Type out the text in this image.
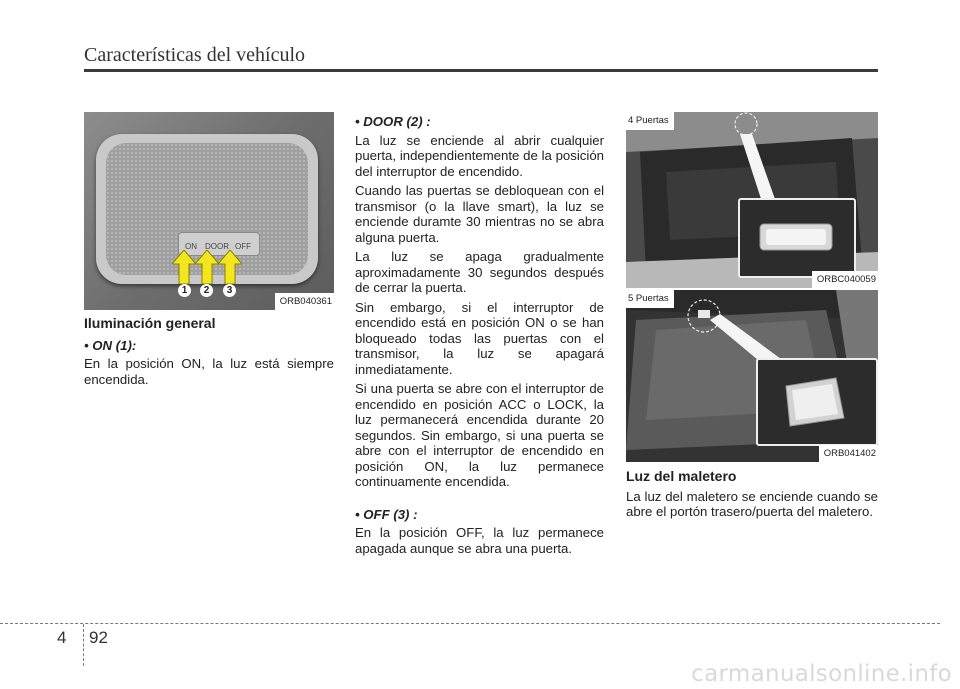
Características del vehículo
ON DOOR OFF
1	2	3
ORB040361
Iluminación general
• ON (1):

En la posición ON, la luz está siempre encendida.

• DOOR (2) :

La luz se enciende al abrir cualquier puerta, independientemente de la posición del interruptor de encendido.

Cuando las puertas se debloquean con el transmisor (o la llave smart), la luz se enciende duramte 30 mientras no se abra alguna puerta.

La luz se apaga gradualmente aproximadamente 30 segundos después de cerrar la puerta.

Sin embargo, si el interruptor de encendido está en posición ON o se han bloqueado todas las puertas con el transmisor, la luz se apagará inmediatamente.

Si una puerta se abre con el interruptor de encendido en posición ACC o LOCK, la luz permanecerá encendida durante 20 segundos. Sin embargo, si una puerta se abre con el interruptor de encendido en posición ON, la luz permanece continuamente encendida.

• OFF (3) :

En la posición OFF, la luz permanece apagada aunque se abra una puerta.

4 Puertas
ORBC040059
5 Puertas
ORB041402
Luz del maletero

La luz del maletero se enciende cuando se abre el portón trasero/puerta del maletero.

4 92
carmanualsonline.info
